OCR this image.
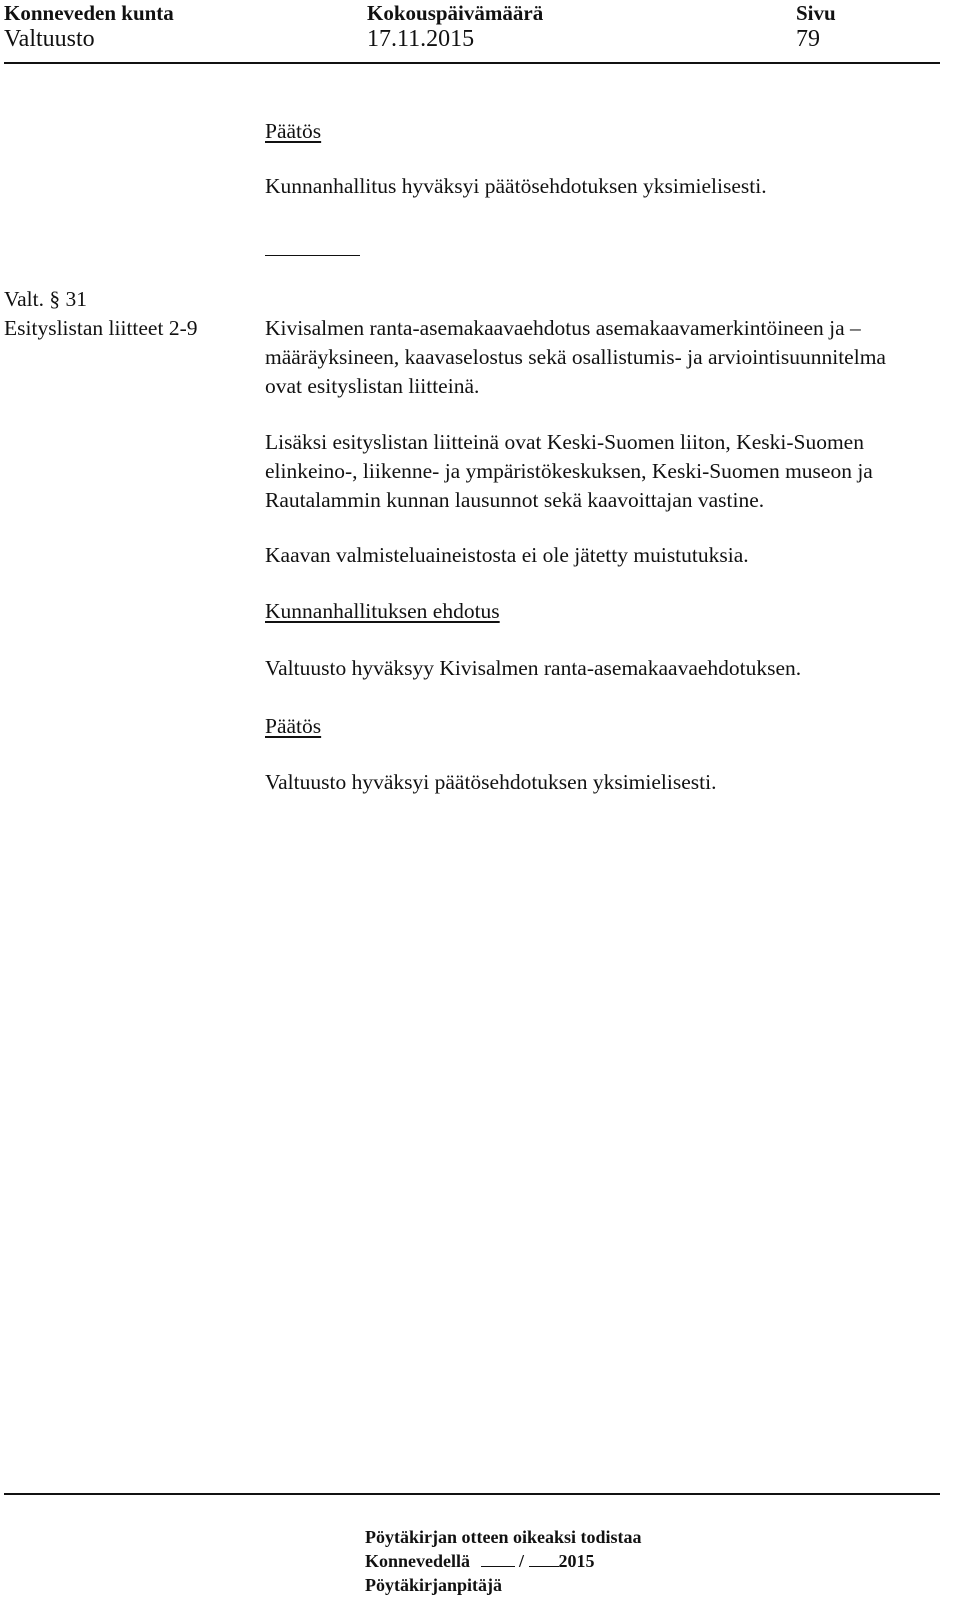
Konneveden kunta	Kokouspäivämäärä	Sivu
Valtuusto	17.11.2015	79
Päätös
Kunnanhallitus hyväksyi päätösehdotuksen yksimielisesti.
Valt. § 31
Esityslistan liitteet 2-9	Kivisalmen ranta-asemakaavaehdotus asemakaavamerkintöineen ja –
määräyksineen, kaavaselostus sekä osallistumis- ja arviointisuunnitelma
ovat esityslistan liitteinä.
Lisäksi esityslistan liitteinä ovat Keski-Suomen liiton, Keski-Suomen
elinkeino-, liikenne- ja ympäristökeskuksen, Keski-Suomen museon ja
Rautalammin kunnan lausunnot sekä kaavoittajan vastine.
Kaavan valmisteluaineistosta ei ole jätetty muistutuksia.
Kunnanhallituksen ehdotus
Valtuusto hyväksyy Kivisalmen ranta-asemakaavaehdotuksen.
Päätös
Valtuusto hyväksyi päätösehdotuksen yksimielisesti.
Pöytäkirjan otteen oikeaksi todistaa
Konnevedellä	/ 2015
Pöytäkirjanpitäjä
